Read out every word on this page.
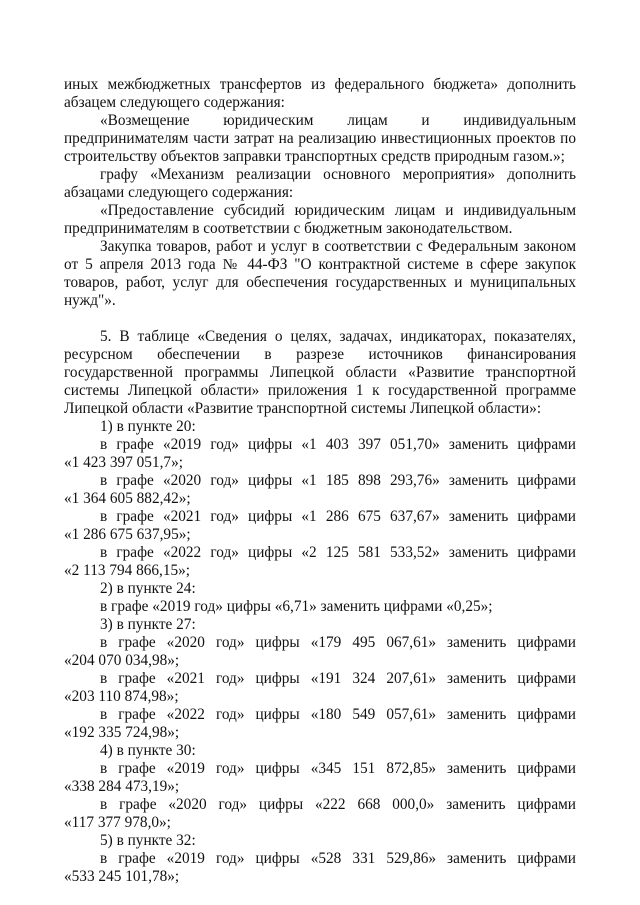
иных межбюджетных трансфертов из федерального бюджета» дополнить абзацем следующего содержания:

«Возмещение юридическим лицам и индивидуальным предпринимателям части затрат на реализацию инвестиционных проектов по строительству объектов заправки транспортных средств природным газом.»;

графу «Механизм реализации основного мероприятия» дополнить абзацами следующего содержания:

«Предоставление субсидий юридическим лицам и индивидуальным предпринимателям в соответствии с бюджетным законодательством.

Закупка товаров, работ и услуг в соответствии с Федеральным законом от 5 апреля 2013 года № 44-ФЗ "О контрактной системе в сфере закупок товаров, работ, услуг для обеспечения государственных и муниципальных нужд"».

5. В таблице «Сведения о целях, задачах, индикаторах, показателях, ресурсном обеспечении в разрезе источников финансирования государственной программы Липецкой области «Развитие транспортной системы Липецкой области» приложения 1 к государственной программе Липецкой области «Развитие транспортной системы Липецкой области»:

1) в пункте 20:

в графе «2019 год» цифры «1 403 397 051,70» заменить цифрами

«1 423 397 051,7»;

в графе «2020 год» цифры «1 185 898 293,76» заменить цифрами

«1 364 605 882,42»;

в графе «2021 год» цифры «1 286 675 637,67» заменить цифрами

«1 286 675 637,95»;

в графе «2022 год» цифры «2 125 581 533,52» заменить цифрами

«2 113 794 866,15»;

2) в пункте 24:

в графе «2019 год» цифры «6,71» заменить цифрами «0,25»;

3) в пункте 27:

в графе «2020 год» цифры «179 495 067,61» заменить цифрами

«204 070 034,98»;

в графе «2021 год» цифры «191 324 207,61» заменить цифрами

«203 110 874,98»;

в графе «2022 год» цифры «180 549 057,61» заменить цифрами

«192 335 724,98»;

4) в пункте 30:

в графе «2019 год» цифры «345 151 872,85» заменить цифрами

«338 284 473,19»;

в графе «2020 год» цифры «222 668 000,0» заменить цифрами

«117 377 978,0»;

5) в пункте 32:

в графе «2019 год» цифры «528 331 529,86» заменить цифрами

«533 245 101,78»;
